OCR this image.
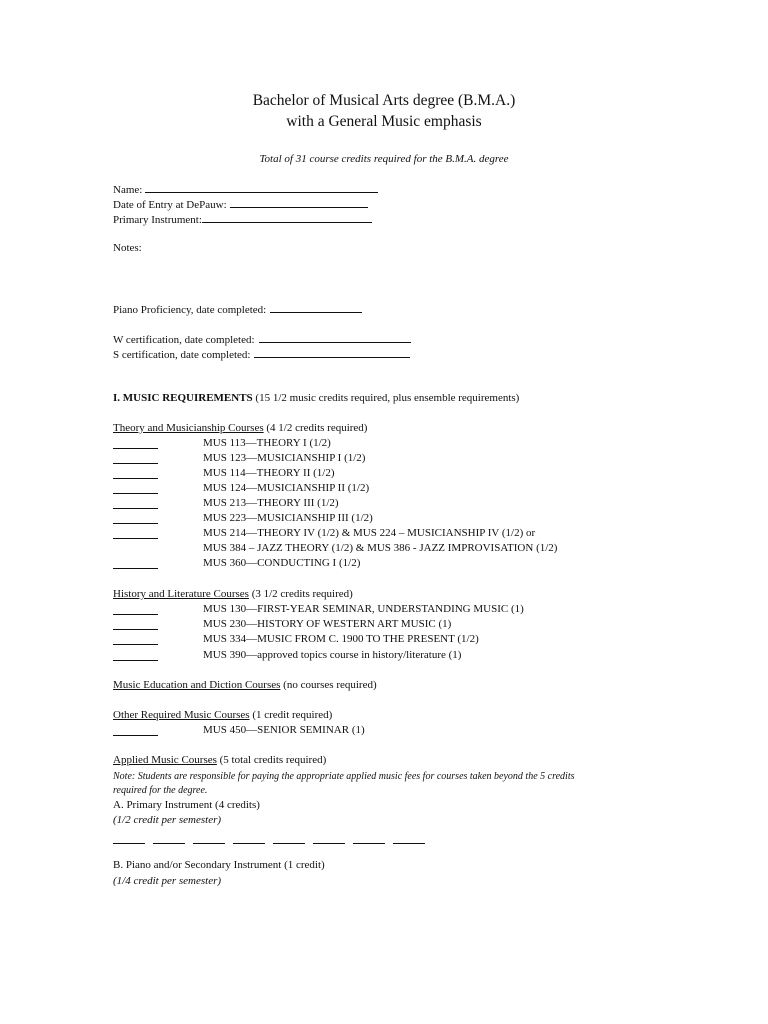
Bachelor of Musical Arts degree (B.M.A.)
with a General Music emphasis
Total of 31 course credits required for the B.M.A. degree
Name:
Date of Entry at DePauw:
Primary Instrument:
Notes:
Piano Proficiency, date completed:
W certification, date completed:
S certification, date completed:
I. MUSIC REQUIREMENTS (15 1/2 music credits required, plus ensemble requirements)
Theory and Musicianship Courses (4 1/2 credits required)
MUS 113—THEORY I (1/2)
MUS 123—MUSICIANSHIP I (1/2)
MUS 114—THEORY II (1/2)
MUS 124—MUSICIANSHIP II (1/2)
MUS 213—THEORY III (1/2)
MUS 223—MUSICIANSHIP III (1/2)
MUS 214—THEORY IV (1/2) & MUS 224 – MUSICIANSHIP IV (1/2) or
MUS 384 – JAZZ THEORY (1/2) & MUS 386 - JAZZ IMPROVISATION (1/2)
MUS 360—CONDUCTING I (1/2)
History and Literature Courses (3 1/2 credits required)
MUS 130—FIRST-YEAR SEMINAR, UNDERSTANDING MUSIC (1)
MUS 230—HISTORY OF WESTERN ART MUSIC (1)
MUS 334—MUSIC FROM C. 1900 TO THE PRESENT (1/2)
MUS 390—approved topics course in history/literature (1)
Music Education and Diction Courses (no courses required)
Other Required Music Courses (1 credit required)
MUS 450—SENIOR SEMINAR (1)
Applied Music Courses (5 total credits required)
Note: Students are responsible for paying the appropriate applied music fees for courses taken beyond the 5 credits
required for the degree.
A. Primary Instrument (4 credits)
(1/2 credit per semester)
B. Piano and/or Secondary Instrument (1 credit)
(1/4 credit per semester)
